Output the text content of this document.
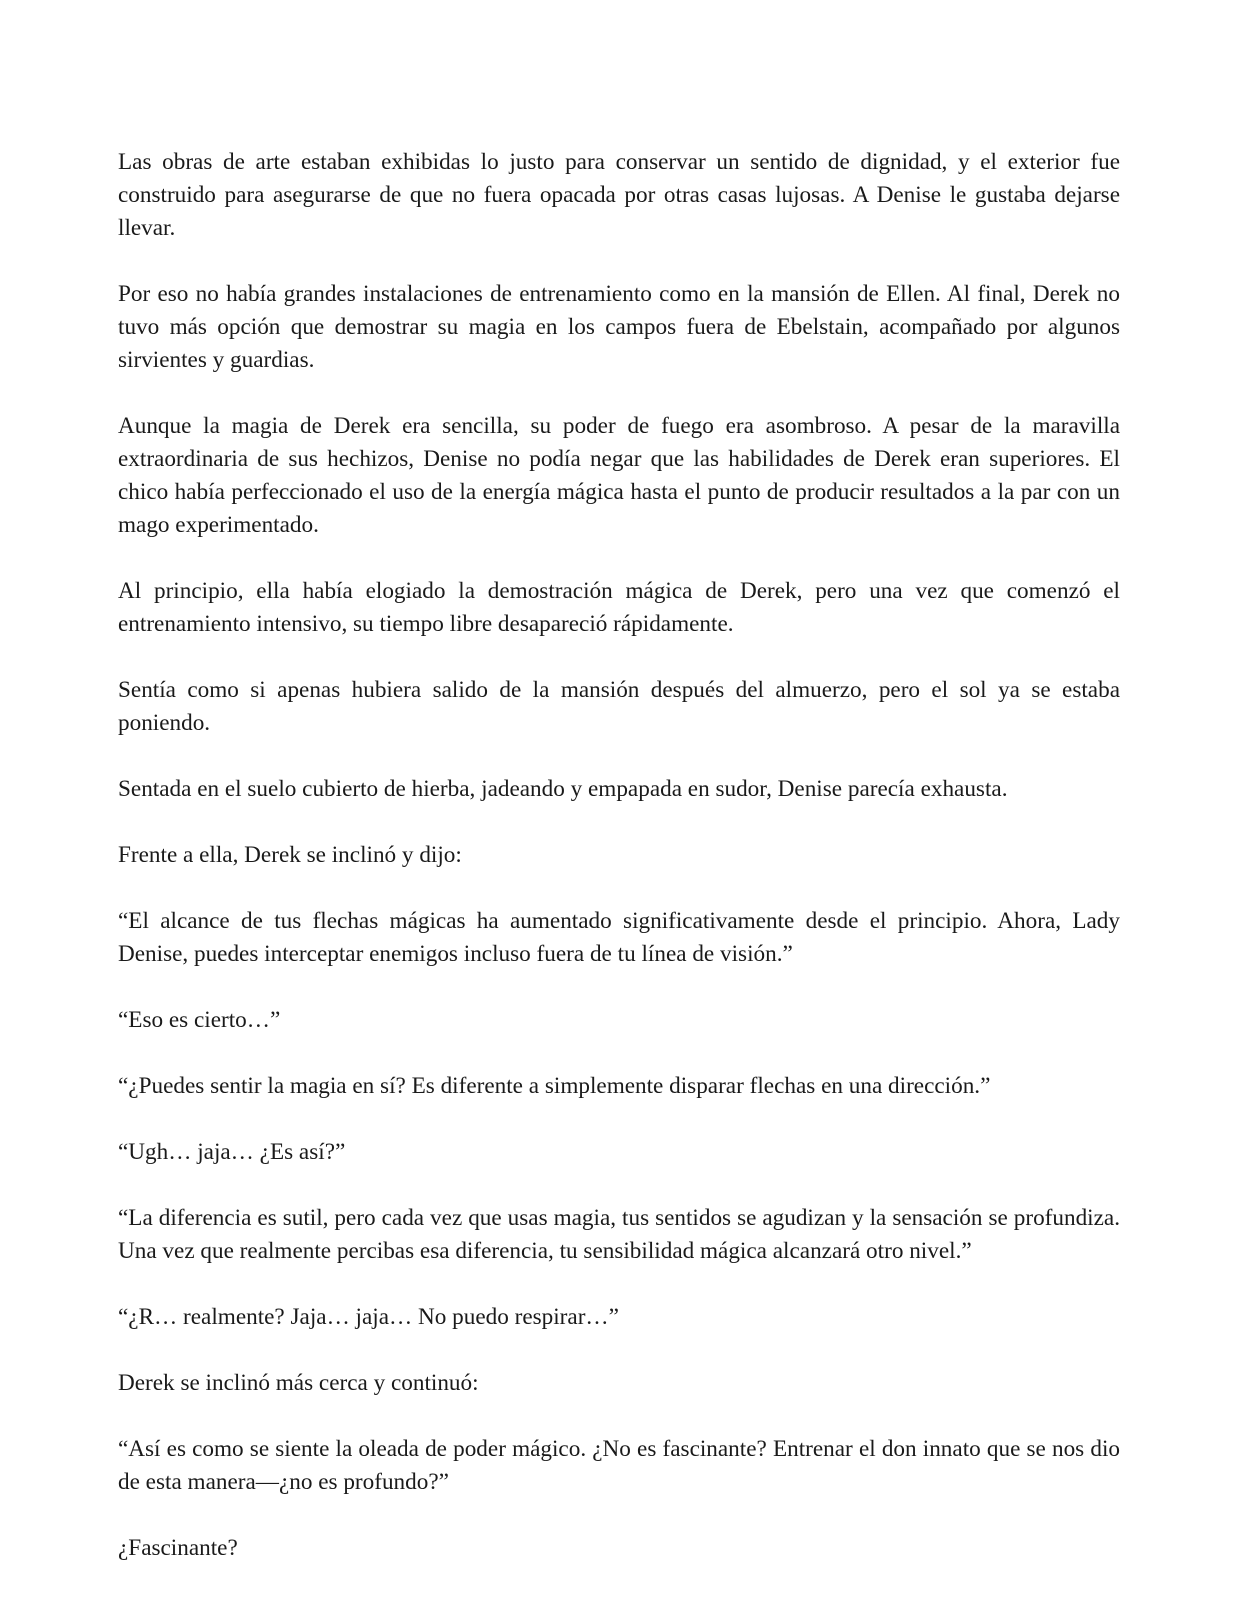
Las obras de arte estaban exhibidas lo justo para conservar un sentido de dignidad, y el exterior fue construido para asegurarse de que no fuera opacada por otras casas lujosas. A Denise le gustaba dejarse llevar.

Por eso no había grandes instalaciones de entrenamiento como en la mansión de Ellen. Al final, Derek no tuvo más opción que demostrar su magia en los campos fuera de Ebelstain, acompañado por algunos sirvientes y guardias.

Aunque la magia de Derek era sencilla, su poder de fuego era asombroso. A pesar de la maravilla extraordinaria de sus hechizos, Denise no podía negar que las habilidades de Derek eran superiores. El chico había perfeccionado el uso de la energía mágica hasta el punto de producir resultados a la par con un mago experimentado.

Al principio, ella había elogiado la demostración mágica de Derek, pero una vez que comenzó el entrenamiento intensivo, su tiempo libre desapareció rápidamente.

Sentía como si apenas hubiera salido de la mansión después del almuerzo, pero el sol ya se estaba poniendo.

Sentada en el suelo cubierto de hierba, jadeando y empapada en sudor, Denise parecía exhausta.

Frente a ella, Derek se inclinó y dijo:

“El alcance de tus flechas mágicas ha aumentado significativamente desde el principio. Ahora, Lady Denise, puedes interceptar enemigos incluso fuera de tu línea de visión.”

“Eso es cierto…”

“¿Puedes sentir la magia en sí? Es diferente a simplemente disparar flechas en una dirección.”

“Ugh… jaja… ¿Es así?”

“La diferencia es sutil, pero cada vez que usas magia, tus sentidos se agudizan y la sensación se profundiza. Una vez que realmente percibas esa diferencia, tu sensibilidad mágica alcanzará otro nivel.”

“¿R… realmente? Jaja… jaja… No puedo respirar…”

Derek se inclinó más cerca y continuó:

“Así es como se siente la oleada de poder mágico. ¿No es fascinante? Entrenar el don innato que se nos dio de esta manera—¿no es profundo?”

¿Fascinante?
